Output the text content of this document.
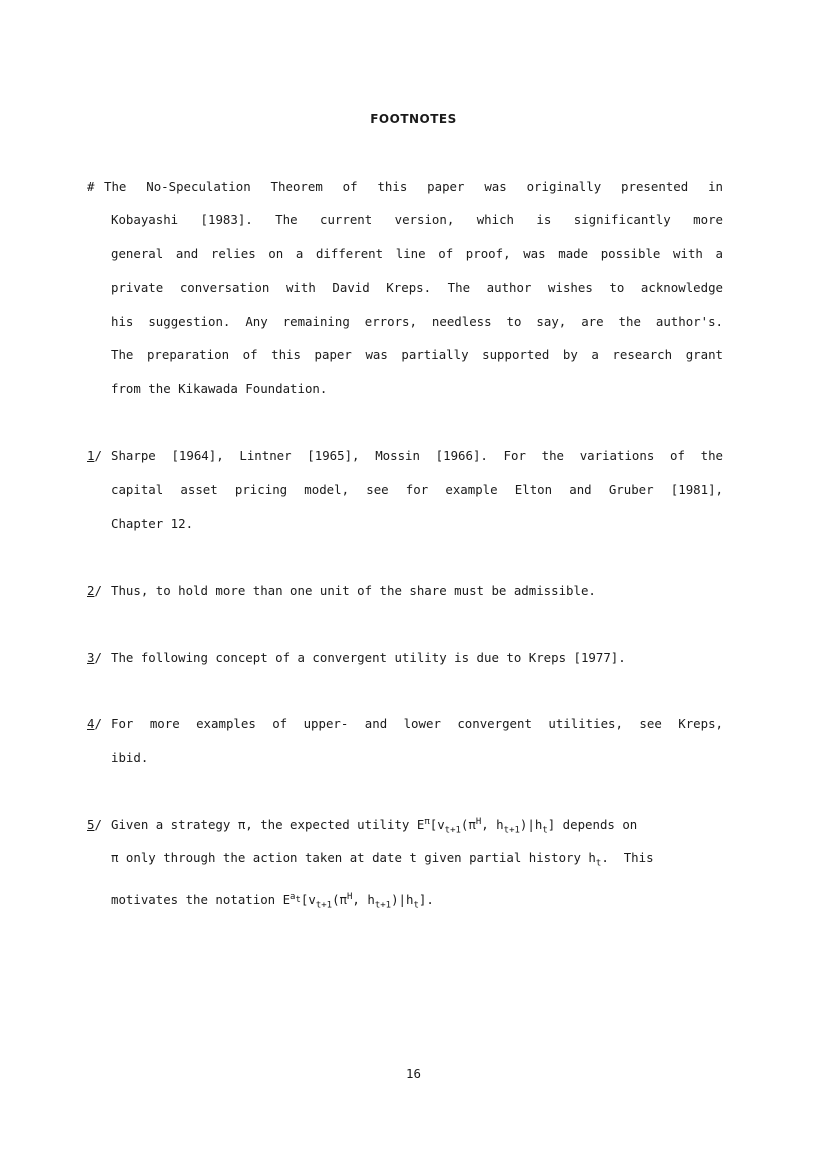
FOOTNOTES
# The No-Speculation Theorem of this paper was originally presented in
Kobayashi [1983]. The current version, which is significantly more
general and relies on a different line of proof, was made possible with a
private conversation with David Kreps. The author wishes to acknowledge
his suggestion. Any remaining errors, needless to say, are the author's.
The preparation of this paper was partially supported by a research grant
from the Kikawada Foundation.
1/ Sharpe [1964], Lintner [1965], Mossin [1966]. For the variations of the
capital asset pricing model, see for example Elton and Gruber [1981],
Chapter 12.
2/ Thus, to hold more than one unit of the share must be admissible.
3/ The following concept of a convergent utility is due to Kreps [1977].
4/ For more examples of upper- and lower convergent utilities, see Kreps,
ibid.
5/ Given a strategy π, the expected utility $E^\pi[v_{t+1}(\pi^H$, $h_{t+1})|h_t$] depends on
π only through the action taken at date t given partial history $h_t$.  This
motivates the notation $E^{a_t}[v_{t+1}(\pi^H$, $h_{t+1})|h_t$].
16
